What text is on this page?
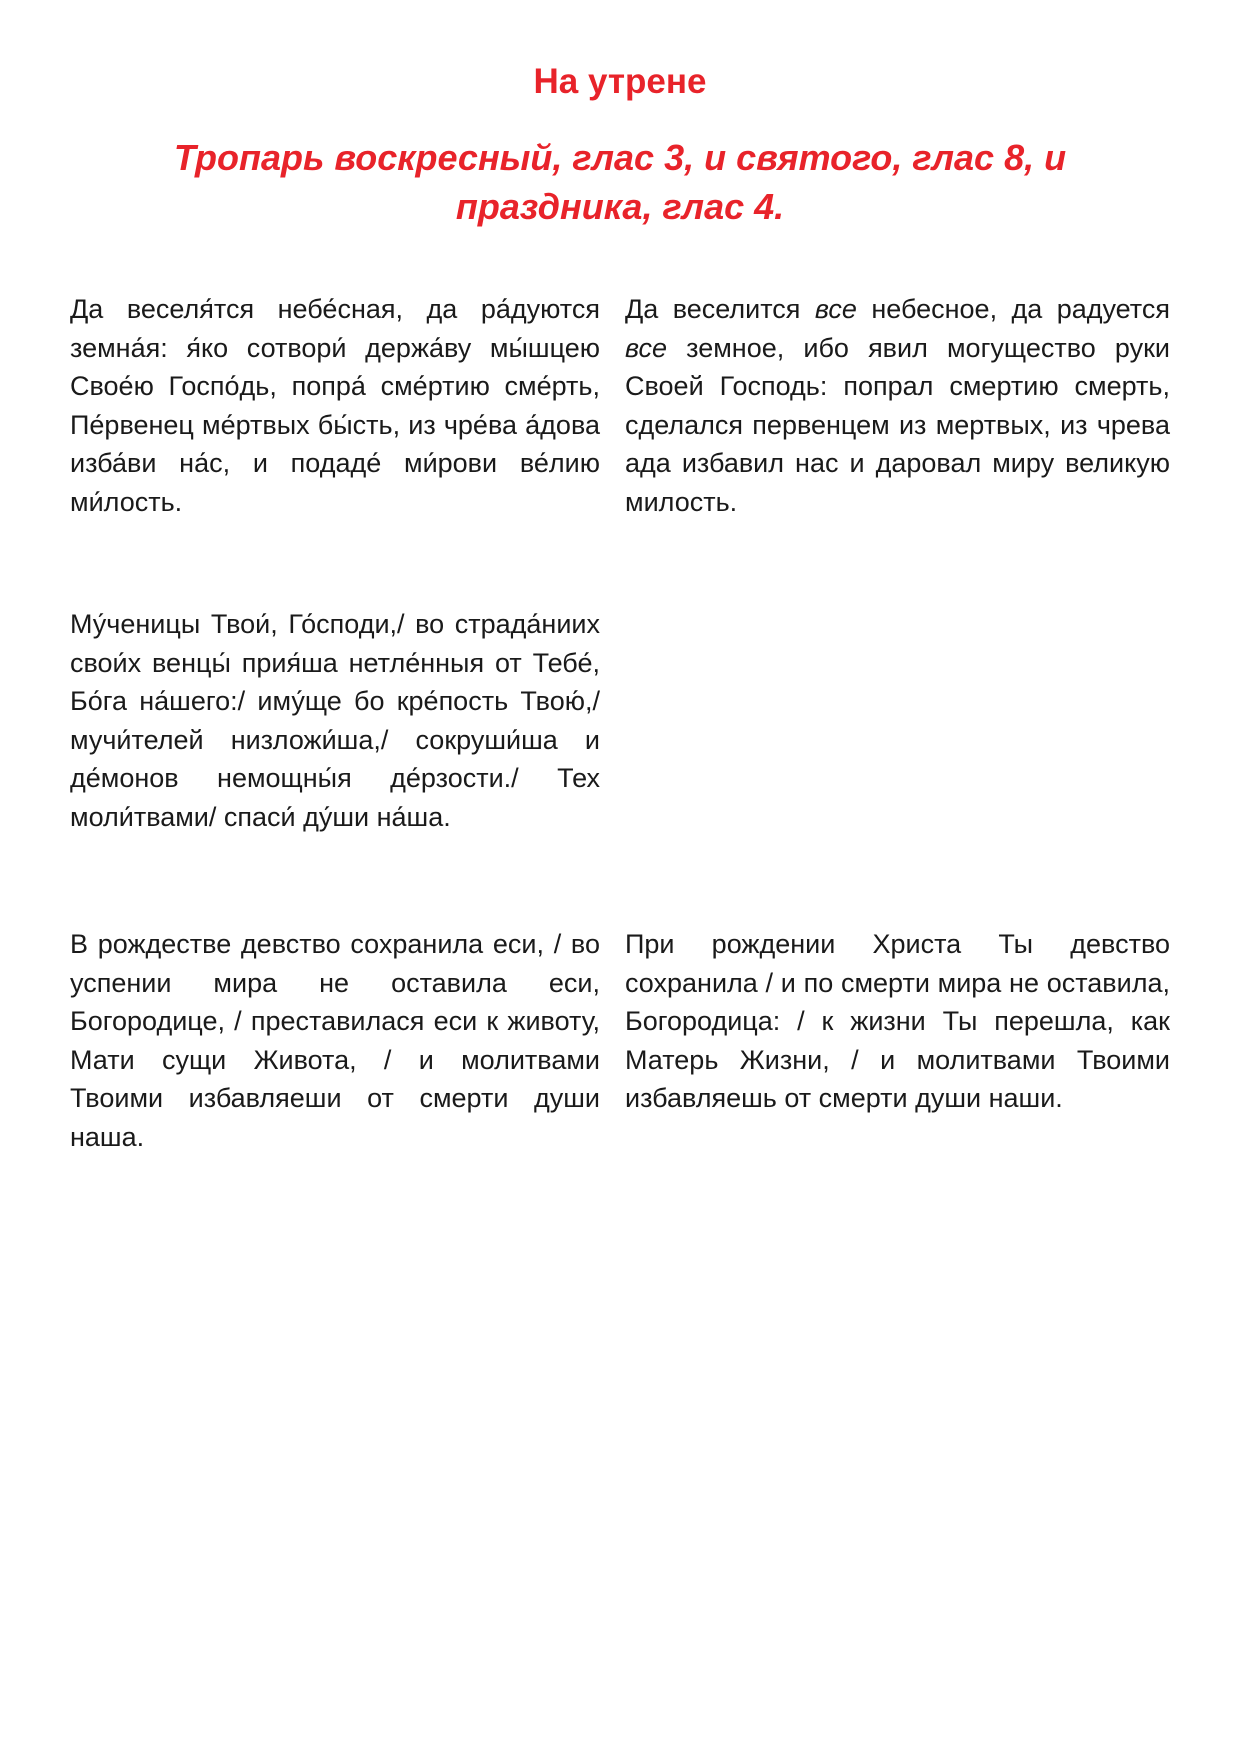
На утрене
Тропарь воскресный, глас 3, и святого, глас 8, и праздника, глас 4.

Да веселя́тся небе́сная, да ра́дуются земна́я: я́ко сотвори́ держа́ву мы́шцею Свое́ю Госпо́дь, попра́ сме́ртию сме́рть, Пе́рвенец ме́ртвых бы́сть, из чре́ва а́дова изба́ви на́с, и подаде́ ми́рови ве́лию ми́лость.

Да веселится все небесное, да радуется все земное, ибо явил могущество руки Своей Господь: попрал смертию смерть, сделался первенцем из мертвых, из чрева ада избавил нас и даровал миру великую милость.

Му́ченицы Твои́, Го́споди,/ во страда́ниих свои́х венцы́ прия́ша нетле́нныя от Тебе́, Бо́га на́шего:/ иму́ще бо кре́пость Твою́,/ мучи́телей низложи́ша,/ сокруши́ша и де́монов немощны́я де́рзости./ Тех моли́твами/ спаси́ ду́ши на́ша.

В рождестве девство сохранила еси, / во успении мира не оставила еси, Богородице, / преставилася еси к животу, Мати сущи Живота, / и молитвами Твоими избавляеши от смерти души наша.

При рождении Христа Ты девство сохранила / и по смерти мира не оставила, Богородица: / к жизни Ты перешла, как Матерь Жизни, / и молитвами Твоими избавляешь от смерти души наши.
